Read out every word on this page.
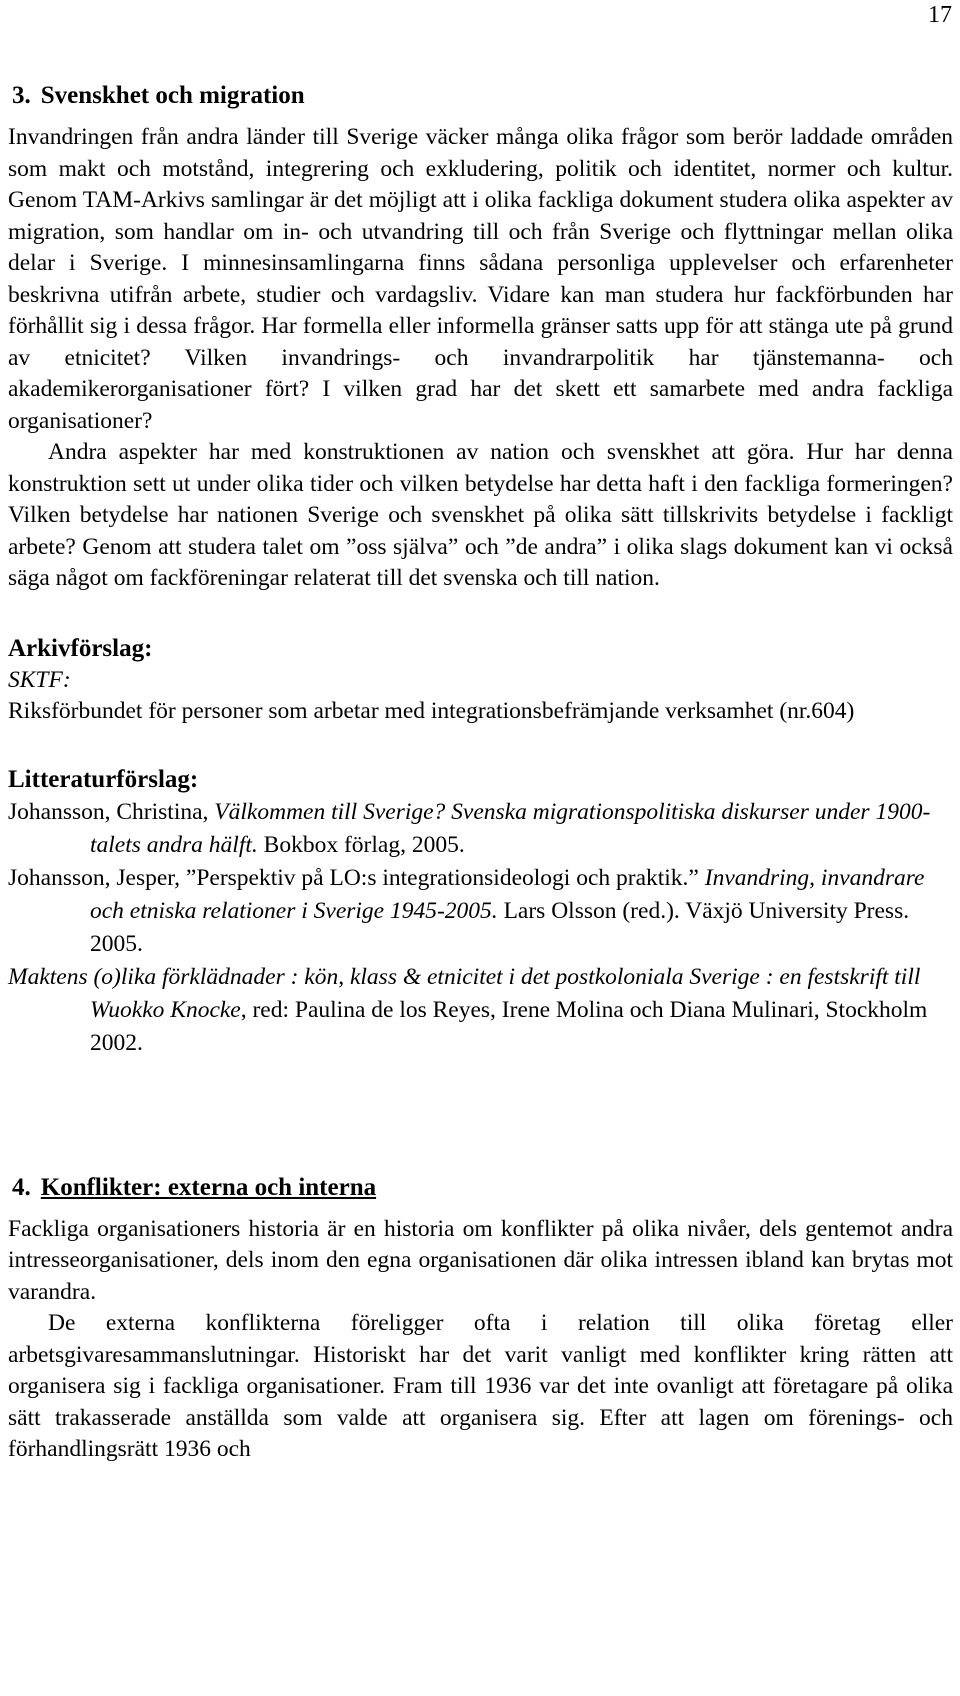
17
3. Svenskhet och migration

Invandringen från andra länder till Sverige väcker många olika frågor som berör laddade områden som makt och motstånd, integrering och exkludering, politik och identitet, normer och kultur. Genom TAM-Arkivs samlingar är det möjligt att i olika fackliga dokument studera olika aspekter av migration, som handlar om in- och utvandring till och från Sverige och flyttningar mellan olika delar i Sverige. I minnesinsamlingarna finns sådana personliga upplevelser och erfarenheter beskrivna utifrån arbete, studier och vardagsliv. Vidare kan man studera hur fackförbunden har förhållit sig i dessa frågor. Har formella eller informella gränser satts upp för att stänga ute på grund av etnicitet? Vilken invandrings- och invandrarpolitik har tjänstemanna- och akademikerorganisationer fört? I vilken grad har det skett ett samarbete med andra fackliga organisationer?

Andra aspekter har med konstruktionen av nation och svenskhet att göra. Hur har denna konstruktion sett ut under olika tider och vilken betydelse har detta haft i den fackliga formeringen? Vilken betydelse har nationen Sverige och svenskhet på olika sätt tillskrivits betydelse i fackligt arbete? Genom att studera talet om ”oss själva” och ”de andra” i olika slags dokument kan vi också säga något om fackföreningar relaterat till det svenska och till nation.

Arkivförslag:

SKTF:

Riksförbundet för personer som arbetar med integrationsbefrämjande verksamhet (nr.604)

Litteraturförslag:

Johansson, Christina, Välkommen till Sverige? Svenska migrationspolitiska diskurser under 1900-talets andra hälft. Bokbox förlag, 2005.

Johansson, Jesper, ”Perspektiv på LO:s integrationsideologi och praktik.” Invandring, invandrare och etniska relationer i Sverige 1945-2005. Lars Olsson (red.). Växjö University Press. 2005.

Maktens (o)lika förklädnader : kön, klass & etnicitet i det postkoloniala Sverige : en festskrift till Wuokko Knocke, red: Paulina de los Reyes, Irene Molina och Diana Mulinari, Stockholm 2002.

4. Konflikter: externa och interna

Fackliga organisationers historia är en historia om konflikter på olika nivåer, dels gentemot andra intresseorganisationer, dels inom den egna organisationen där olika intressen ibland kan brytas mot varandra.

De externa konflikterna föreligger ofta i relation till olika företag eller arbetsgivaresammanslutningar. Historiskt har det varit vanligt med konflikter kring rätten att organisera sig i fackliga organisationer. Fram till 1936 var det inte ovanligt att företagare på olika sätt trakasserade anställda som valde att organisera sig. Efter att lagen om förenings- och förhandlingsrätt 1936 och
